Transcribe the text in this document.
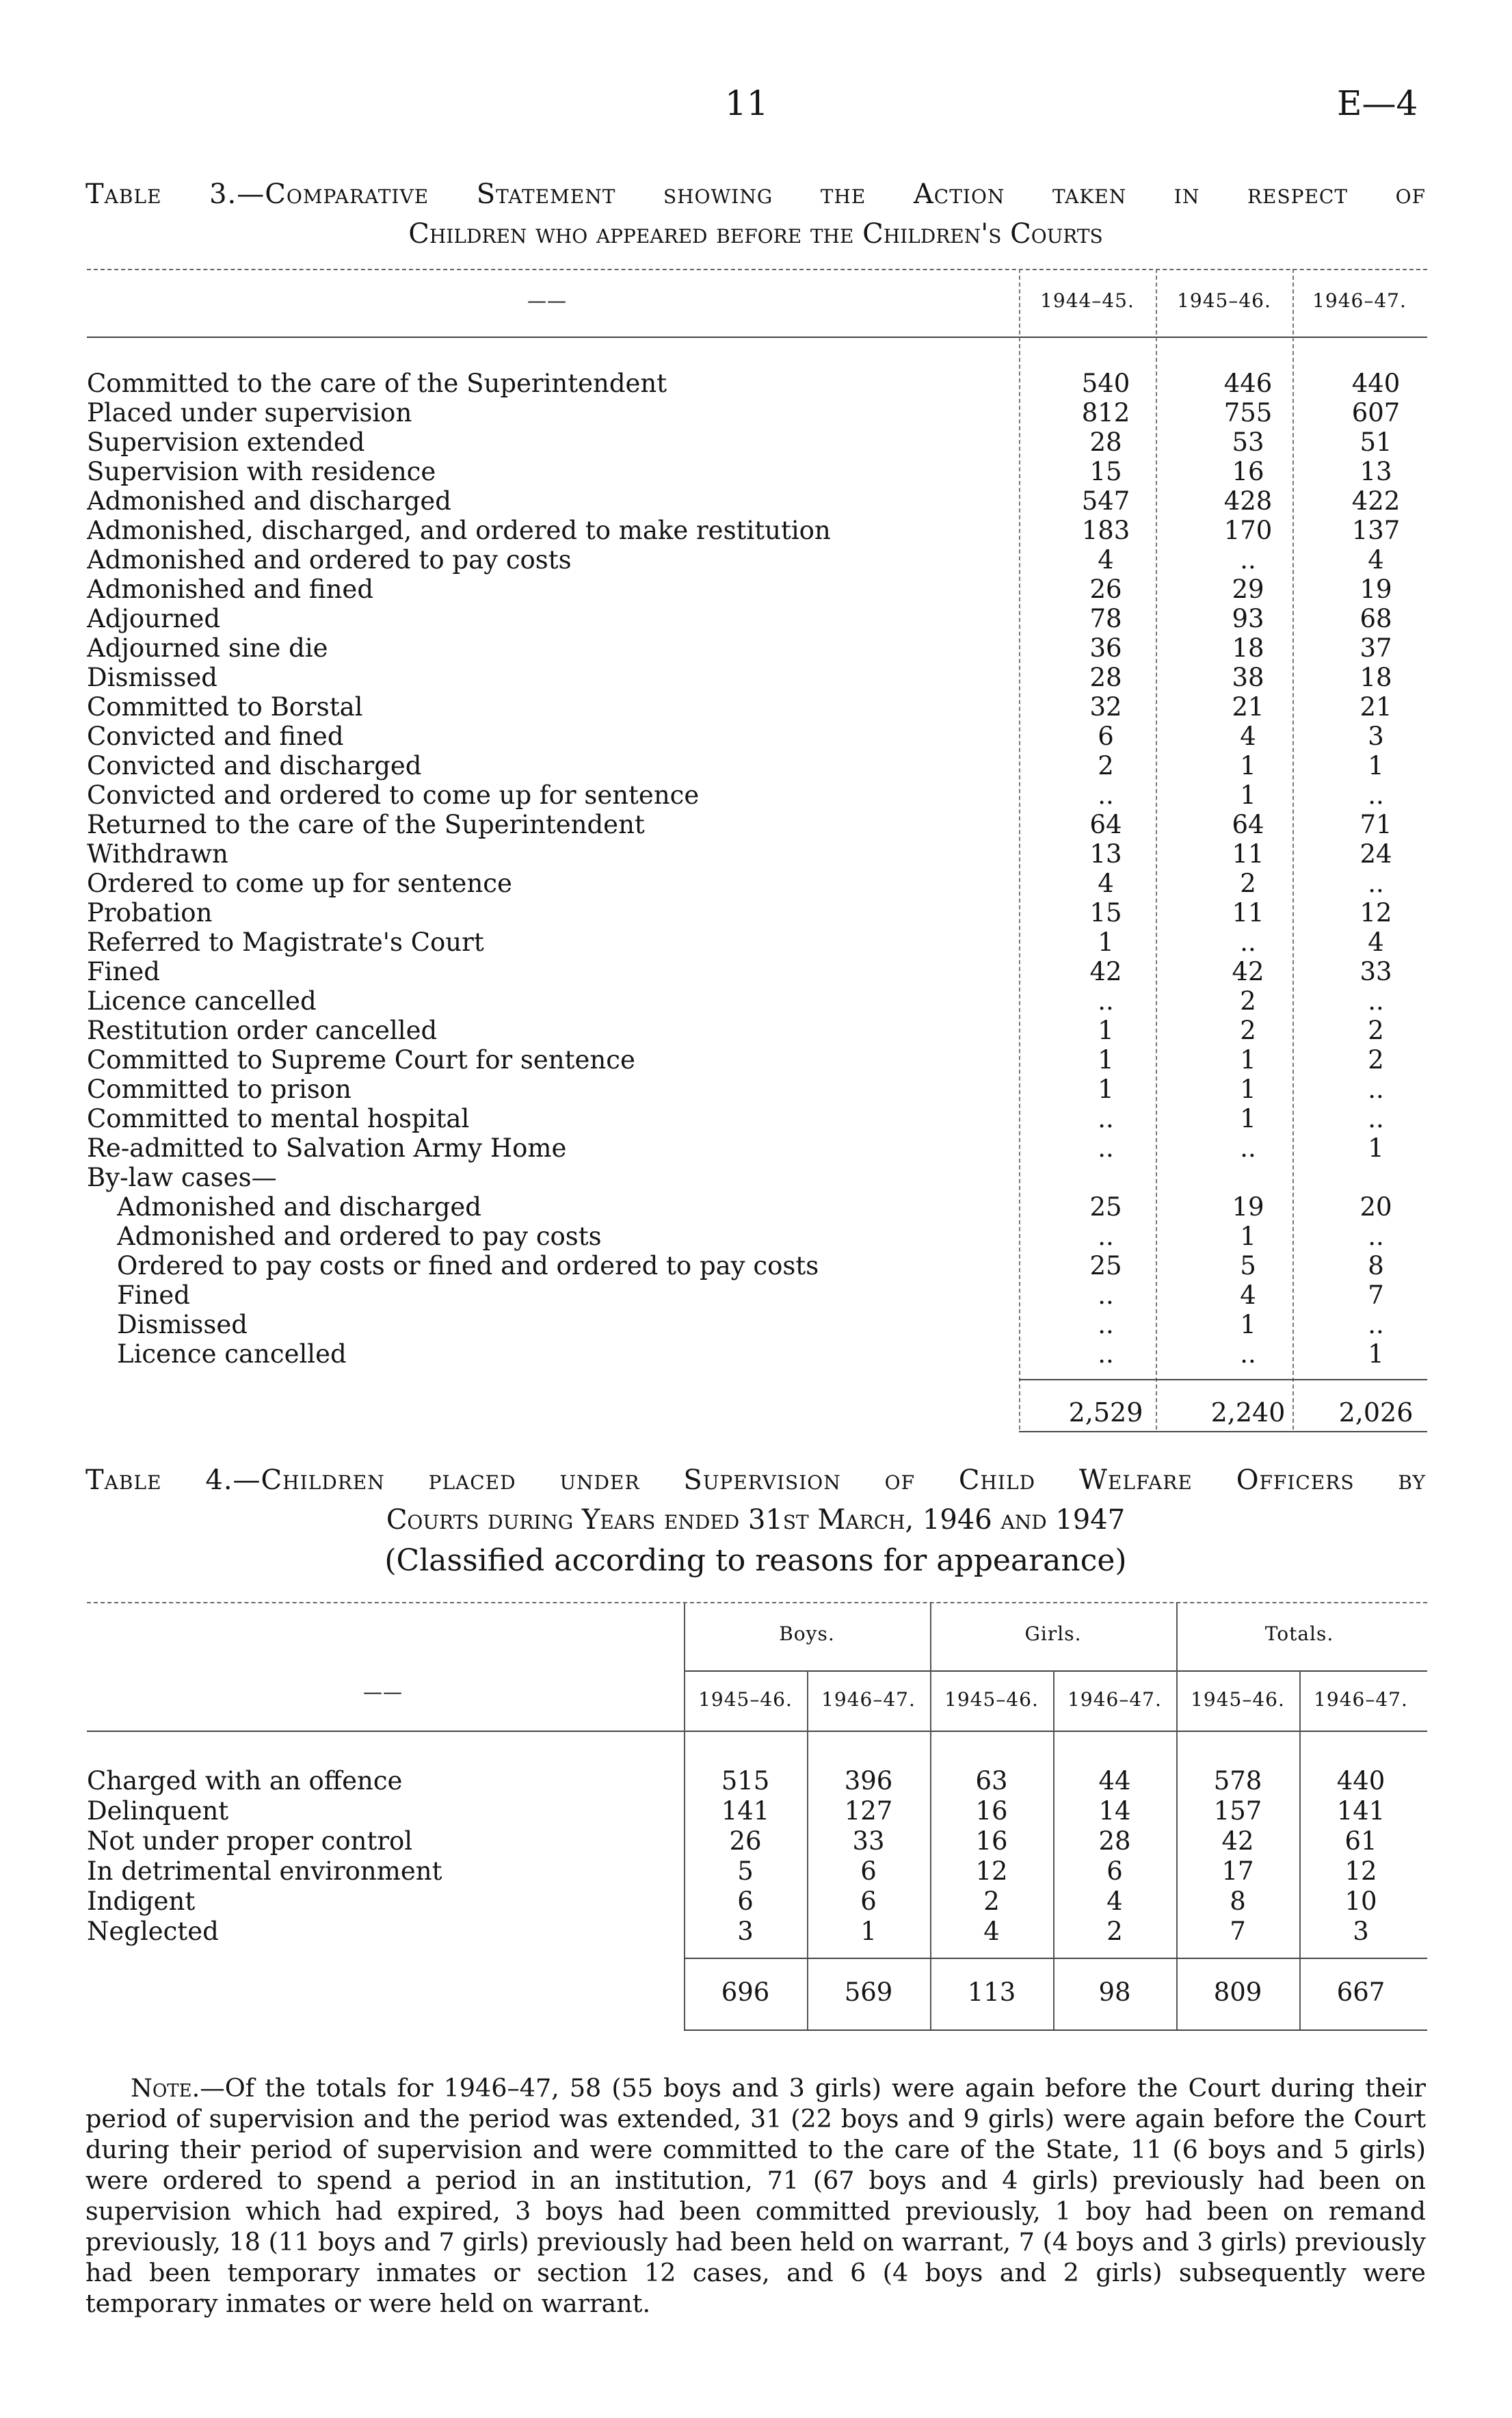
11	E—4
Table 3.—Comparative Statement showing the Action taken in respect of
Children who appeared before the Children's Courts
——	1944–45.	1945–46.	1946–47.
Committed to the care of the Superintendent	540	446	440
Placed under supervision	812	755	607
Supervision extended	28	53	51
Supervision with residence	15	16	13
Admonished and discharged	547	428	422
Admonished, discharged, and ordered to make restitution	183	170	137
Admonished and ordered to pay costs	4	..	4
Admonished and fined	26	29	19
Adjourned	78	93	68
Adjourned sine die	36	18	37
Dismissed	28	38	18
Committed to Borstal	32	21	21
Convicted and fined	6	4	3
Convicted and discharged	2	1	1
Convicted and ordered to come up for sentence	..	1	..
Returned to the care of the Superintendent	64	64	71
Withdrawn	13	11	24
Ordered to come up for sentence	4	2	..
Probation	15	11	12
Referred to Magistrate's Court	1	..	4
Fined	42	42	33
Licence cancelled	..	2	..
Restitution order cancelled	1	2	2
Committed to Supreme Court for sentence	1	1	2
Committed to prison	1	1	..
Committed to mental hospital	..	1	..
Re-admitted to Salvation Army Home	..	..	1
By-law cases—
Admonished and discharged	25	19	20
Admonished and ordered to pay costs	..	1	..
Ordered to pay costs or fined and ordered to pay costs	25	5	8
Fined	..	4	7
Dismissed	..	1	..
Licence cancelled	..	..	1
2,529	2,240	2,026
Table 4.—Children placed under Supervision of Child Welfare Officers by
Courts during Years ended 31st March, 1946 and 1947
(Classified according to reasons for appearance)
——
Boys.	Girls.	Totals.
1945–46.	1946–47.	1945–46.	1946–47.	1945–46.	1946–47.
Charged with an offence	515	396	63	44	578	440
Delinquent	141	127	16	14	157	141
Not under proper control	26	33	16	28	42	61
In detrimental environment	5	6	12	6	17	12
Indigent	6	6	2	4	8	10
Neglected	3	1	4	2	7	3
696	569	113	98	809	667
Note.—Of the totals for 1946–47, 58 (55 boys and 3 girls) were again before the Court during their period of supervision and the period was extended, 31 (22 boys and 9 girls) were again before the Court during their period of supervision and were committed to the care of the State, 11 (6 boys and 5 girls) were ordered to spend a period in an institution, 71 (67 boys and 4 girls) previously had been on supervision which had expired, 3 boys had been committed previously, 1 boy had been on remand previously, 18 (11 boys and 7 girls) previously had been held on warrant, 7 (4 boys and 3 girls) previously had been temporary inmates or section 12 cases, and 6 (4 boys and 2 girls) subsequently were temporary inmates or were held on warrant.
